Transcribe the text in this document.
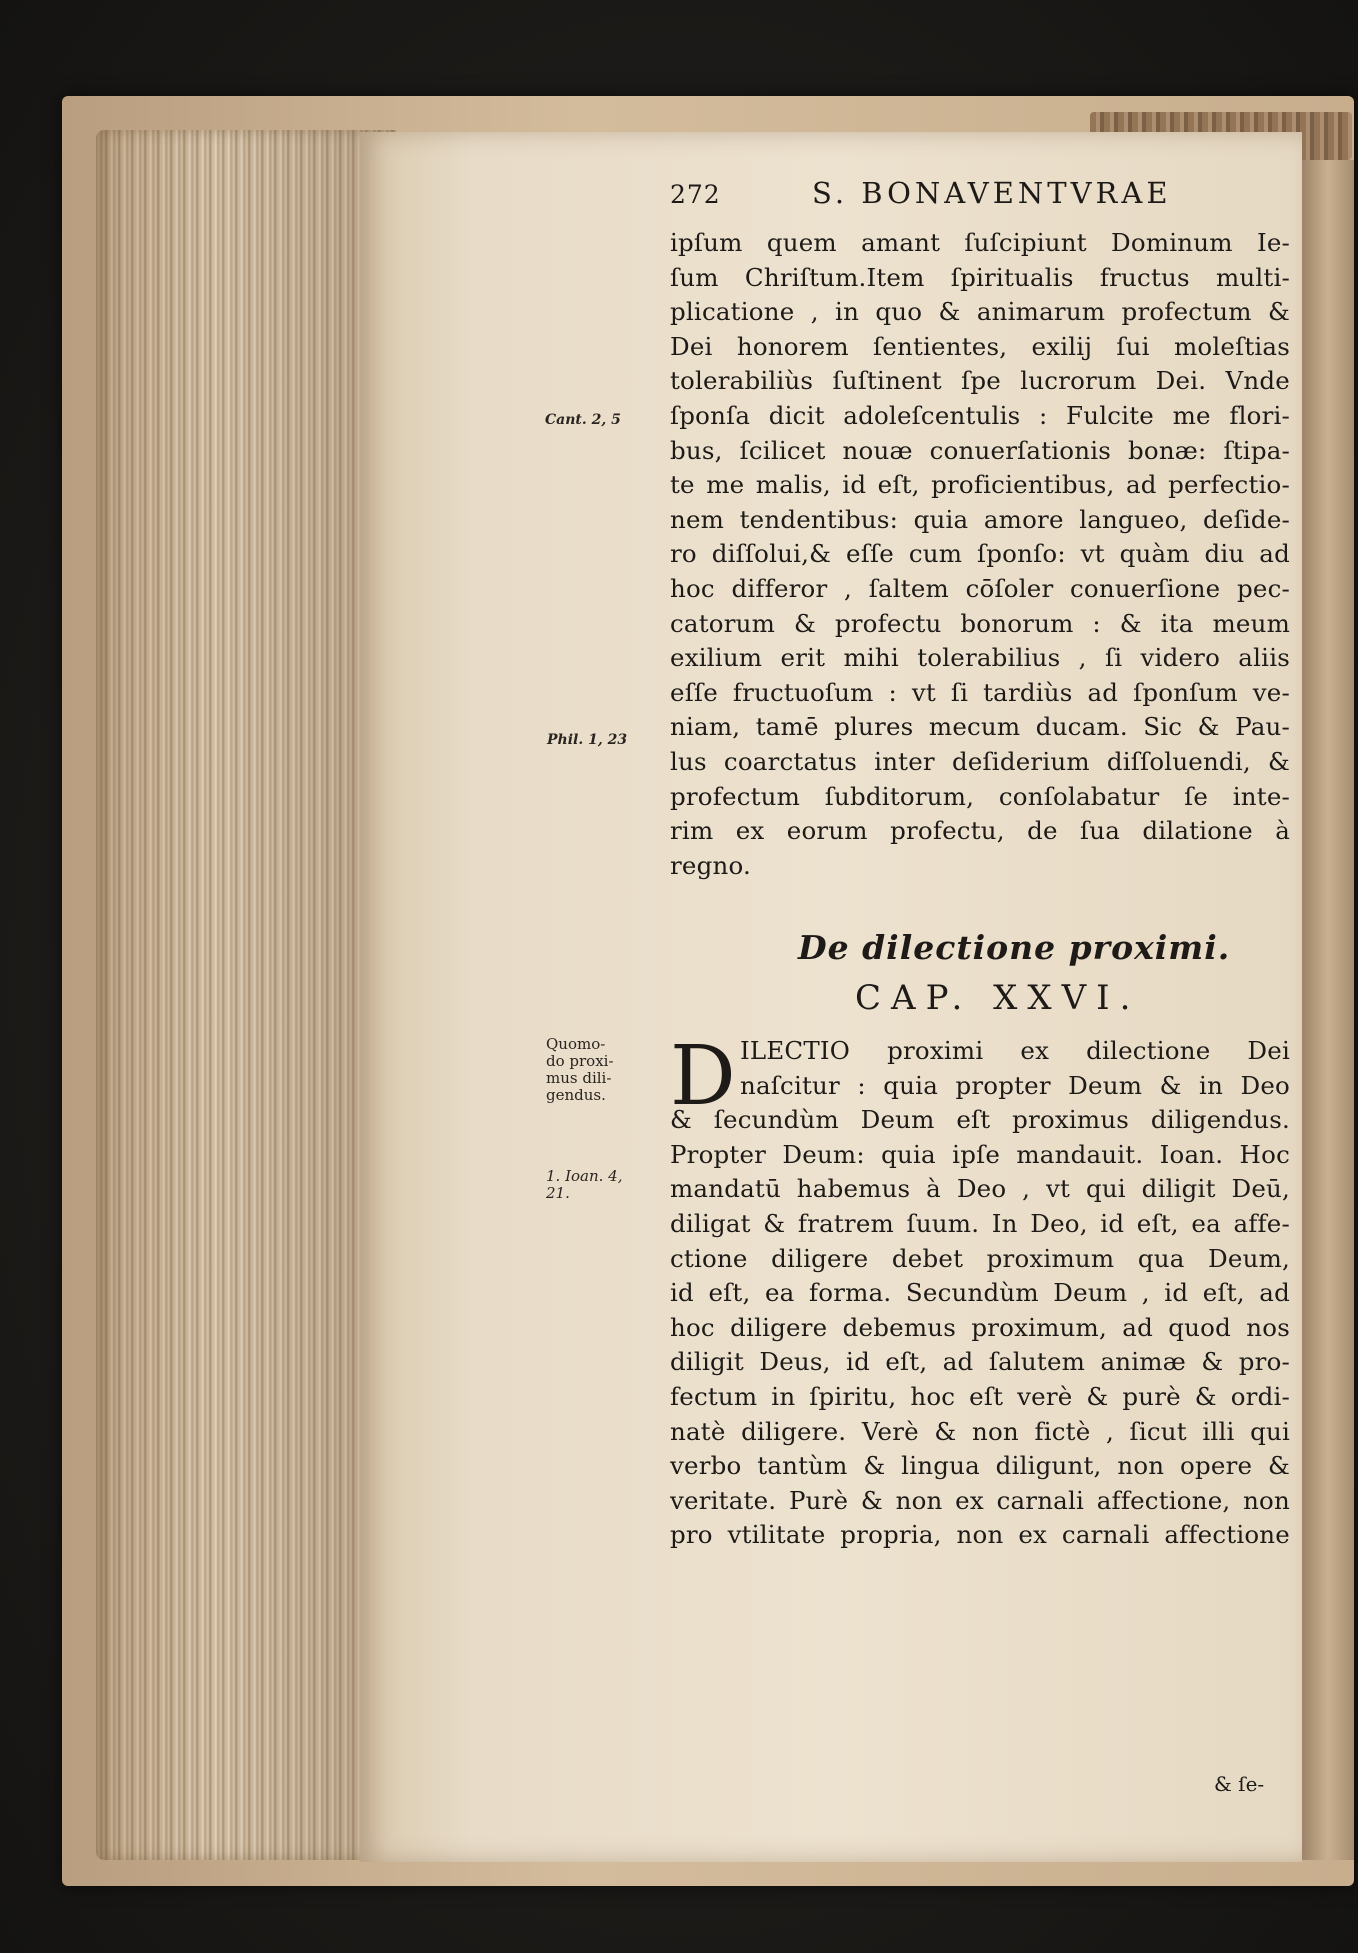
Cant. 2, 5
Phil. 1, 23
Quomo-
do proxi-
mus dili-
gendus.
1. Ioan. 4,
21.
272	S. BONAVENTVRAE
ipſum quem amant ſuſcipiunt Dominum Ie-
ſum Chriſtum.Item ſpiritualis fructus multi-
plicatione , in quo & animarum profectum &
Dei honorem ſentientes, exilij ſui moleſtias
tolerabiliùs ſuſtinent ſpe lucrorum Dei. Vnde
ſponſa dicit adoleſcentulis : Fulcite me flori-
bus, ſcilicet nouæ conuerſationis bonæ: ſtipa-
te me malis, id eſt, proficientibus, ad perfectio-
nem tendentibus: quia amore langueo, deſide-
ro diſſolui,& eſſe cum ſponſo: vt quàm diu ad
hoc differor , ſaltem cōſoler conuerſione pec-
catorum & profectu bonorum : & ita meum
exilium erit mihi tolerabilius , ſi videro aliis
eſſe fructuoſum : vt ſi tardiùs ad ſponſum ve-
niam, tamē plures mecum ducam. Sic & Pau-
lus coarctatus inter deſiderium diſſoluendi, &
profectum ſubditorum, conſolabatur ſe inte-
rim ex eorum profectu, de ſua dilatione à
regno.
De dilectione proximi.
CAP. XXVI.
D ILECTIO proximi ex dilectione Dei
naſcitur : quia propter Deum & in Deo
& ſecundùm Deum eſt proximus diligendus.
Propter Deum: quia ipſe mandauit. Ioan. Hoc
mandatū habemus à Deo , vt qui diligit Deū,
diligat & fratrem ſuum. In Deo, id eſt, ea affe-
ctione diligere debet proximum qua Deum,
id eſt, ea forma. Secundùm Deum , id eſt, ad
hoc diligere debemus proximum, ad quod nos
diligit Deus, id eſt, ad ſalutem animæ & pro-
fectum in ſpiritu, hoc eſt verè & purè & ordi-
natè diligere. Verè & non fictè , ſicut illi qui
verbo tantùm & lingua diligunt, non opere &
veritate. Purè & non ex carnali affectione, non
pro vtilitate propria, non ex carnali affectione
& ſe-
